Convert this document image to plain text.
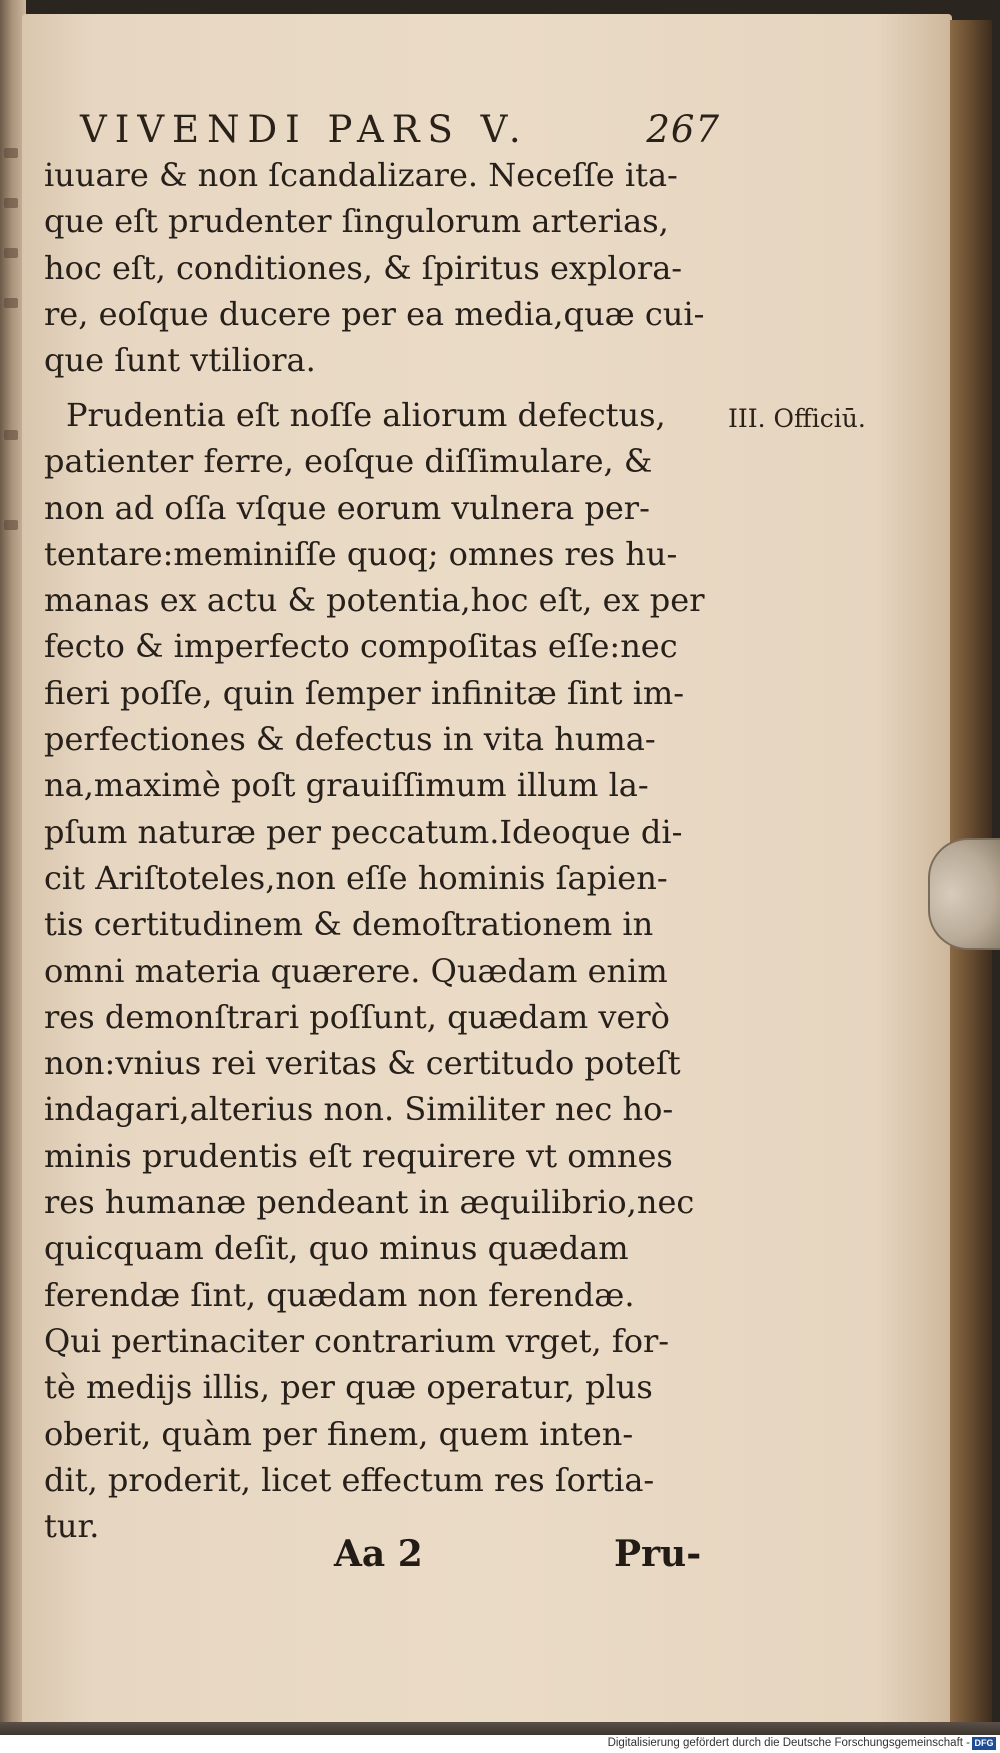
VIVENDI PARS V.	267
iuuare & non ſcandalizare. Neceſſe ita-
que eſt prudenter ſingulorum arterias,
hoc eſt, conditiones, & ſpiritus explora-
re, eoſque ducere per ea media,quæ cui-
que ſunt vtiliora.
III. Officiū.
Prudentia eſt noſſe aliorum defectus,
patienter ferre, eoſque diſſimulare, &
non ad oſſa vſque eorum vulnera per-
tentare:meminiſſe quoq; omnes res hu-
manas ex actu & potentia,hoc eſt, ex per
fecto & imperfecto compoſitas eſſe:nec
fieri poſſe, quin ſemper infinitæ ſint im-
perfectiones & defectus in vita huma-
na,maximè poſt grauiſſimum illum la-
pſum naturæ per peccatum.Ideoque di-
cit Ariſtoteles,non eſſe hominis ſapien-
tis certitudinem & demoſtrationem in
omni materia quærere. Quædam enim
res demonſtrari poſſunt, quædam verò
non:vnius rei veritas & certitudo poteſt
indagari,alterius non. Similiter nec ho-
minis prudentis eſt requirere vt omnes
res humanæ pendeant in æquilibrio,nec
quicquam deſit, quo minus quædam
ferendæ ſint, quædam non ferendæ.
Qui pertinaciter contrarium vrget, for-
tè medijs illis, per quæ operatur, plus
oberit, quàm per finem, quem inten-
dit, proderit, licet effectum res ſortia-
tur.
Aa 2	Pru-
Digitalisierung gefördert durch die Deutsche Forschungsgemeinschaft - DFG
